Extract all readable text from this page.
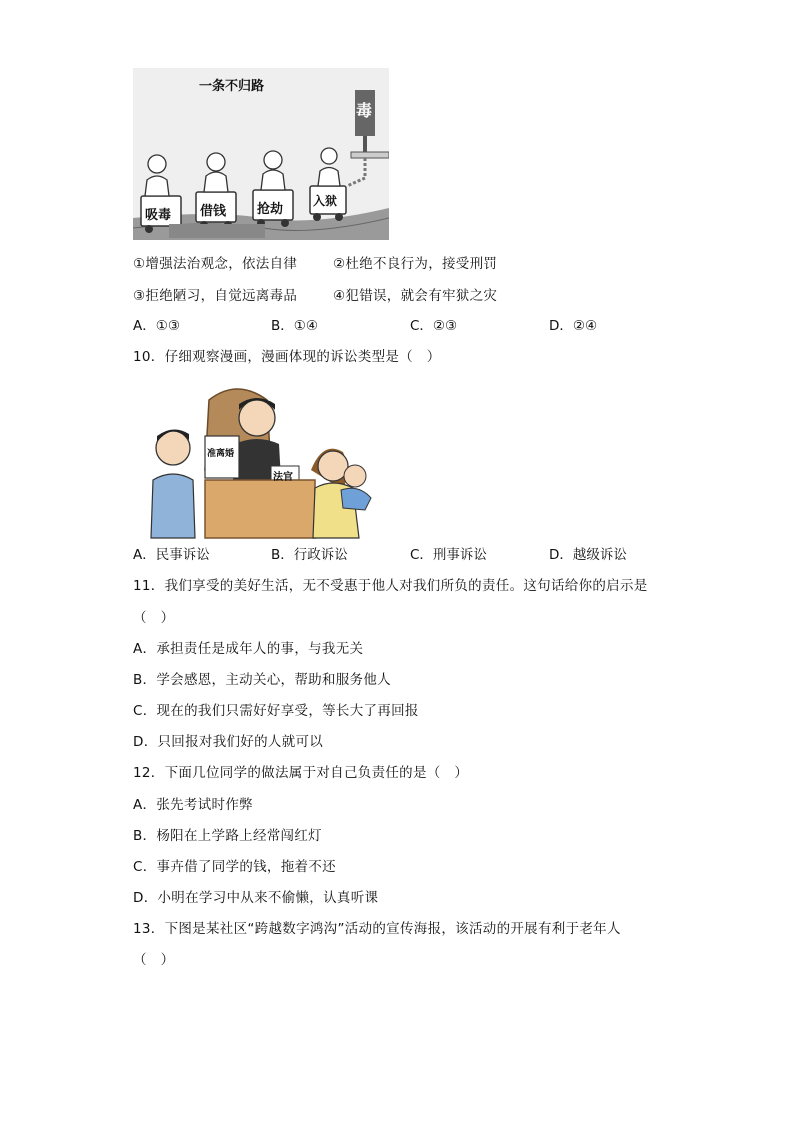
一条不归路
毒
吸毒 借钱 抢劫
入狱
①增强法治观念，依法自律	②杜绝不良行为，接受刑罚
③拒绝陋习，自觉远离毒品	④犯错误，就会有牢狱之灾
A．①③	B．①④	C．②③	D．②④
10．仔细观察漫画，漫画体现的诉讼类型是（　）
准离婚
法官
A．民事诉讼	B．行政诉讼	C．刑事诉讼	D．越级诉讼
11．我们享受的美好生活，无不受惠于他人对我们所负的责任。这句话给你的启示是
（　）
A．承担责任是成年人的事，与我无关
B．学会感恩，主动关心，帮助和服务他人
C．现在的我们只需好好享受，等长大了再回报
D．只回报对我们好的人就可以
12．下面几位同学的做法属于对自己负责任的是（　）
A．张先考试时作弊
B．杨阳在上学路上经常闯红灯
C．事卉借了同学的钱，拖着不还
D．小明在学习中从来不偷懒，认真听课
13．下图是某社区“跨越数字鸿沟”活动的宣传海报，该活动的开展有利于老年人
（　）
